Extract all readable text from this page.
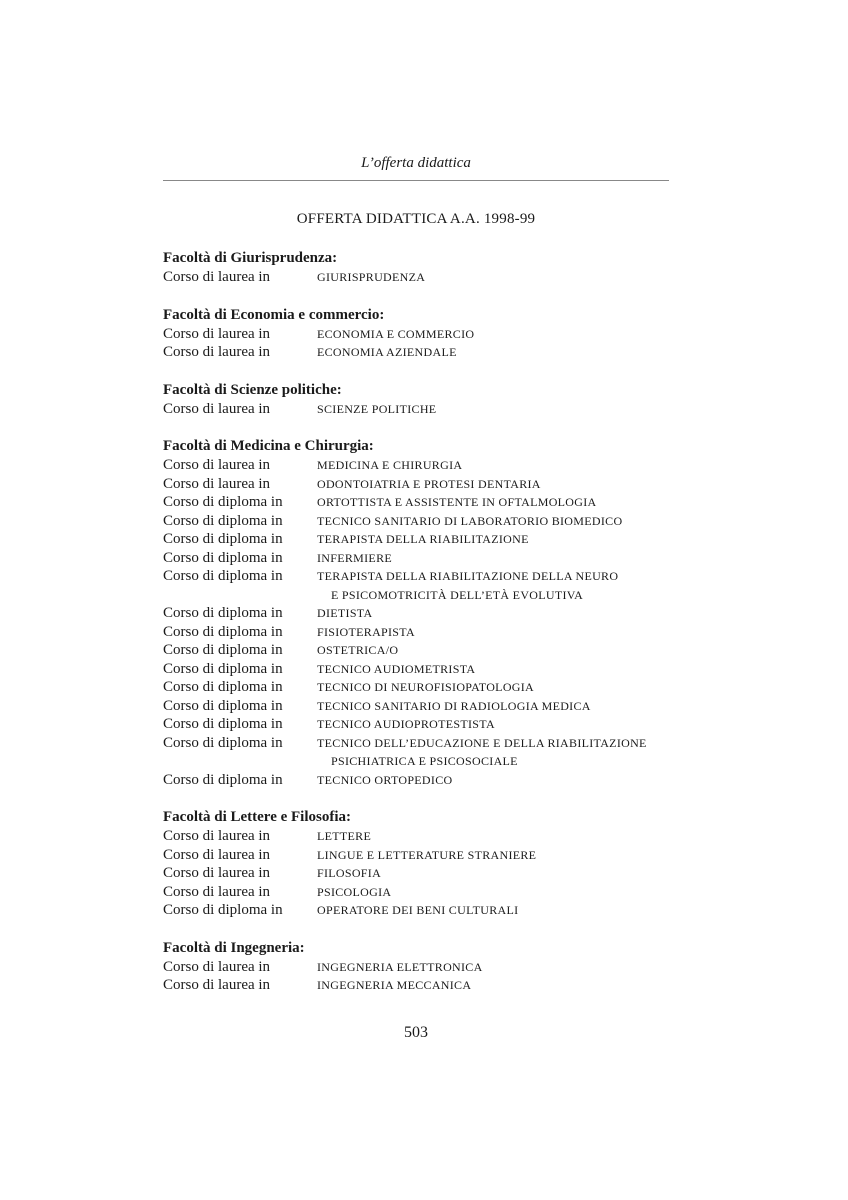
L’offerta didattica
OFFERTA DIDATTICA A.A. 1998-99
Facoltà di Giurisprudenza:
Corso di laurea in	GIURISPRUDENZA
Facoltà di Economia e commercio:
Corso di laurea in	ECONOMIA E COMMERCIO
Corso di laurea in	ECONOMIA AZIENDALE
Facoltà di Scienze politiche:
Corso di laurea in	SCIENZE POLITICHE
Facoltà di Medicina e Chirurgia:
Corso di laurea in	MEDICINA E CHIRURGIA
Corso di laurea in	ODONTOIATRIA E PROTESI DENTARIA
Corso di diploma in	ORTOTTISTA E ASSISTENTE IN OFTALMOLOGIA
Corso di diploma in	TECNICO SANITARIO DI LABORATORIO BIOMEDICO
Corso di diploma in	TERAPISTA DELLA RIABILITAZIONE
Corso di diploma in	INFERMIERE
Corso di diploma in	TERAPISTA DELLA RIABILITAZIONE DELLA NEURO
E PSICOMOTRICITÀ DELL’ETÀ EVOLUTIVA
Corso di diploma in	DIETISTA
Corso di diploma in	FISIOTERAPISTA
Corso di diploma in	OSTETRICA/O
Corso di diploma in	TECNICO AUDIOMETRISTA
Corso di diploma in	TECNICO DI NEUROFISIOPATOLOGIA
Corso di diploma in	TECNICO SANITARIO DI RADIOLOGIA MEDICA
Corso di diploma in	TECNICO AUDIOPROTESTISTA
Corso di diploma in	TECNICO DELL’EDUCAZIONE E DELLA RIABILITAZIONE
PSICHIATRICA E PSICOSOCIALE
Corso di diploma in	TECNICO ORTOPEDICO
Facoltà di Lettere e Filosofia:
Corso di laurea in	LETTERE
Corso di laurea in	LINGUE E LETTERATURE STRANIERE
Corso di laurea in	FILOSOFIA
Corso di laurea in	PSICOLOGIA
Corso di diploma in	OPERATORE DEI BENI CULTURALI
Facoltà di Ingegneria:
Corso di laurea in	INGEGNERIA ELETTRONICA
Corso di laurea in	INGEGNERIA MECCANICA
503
